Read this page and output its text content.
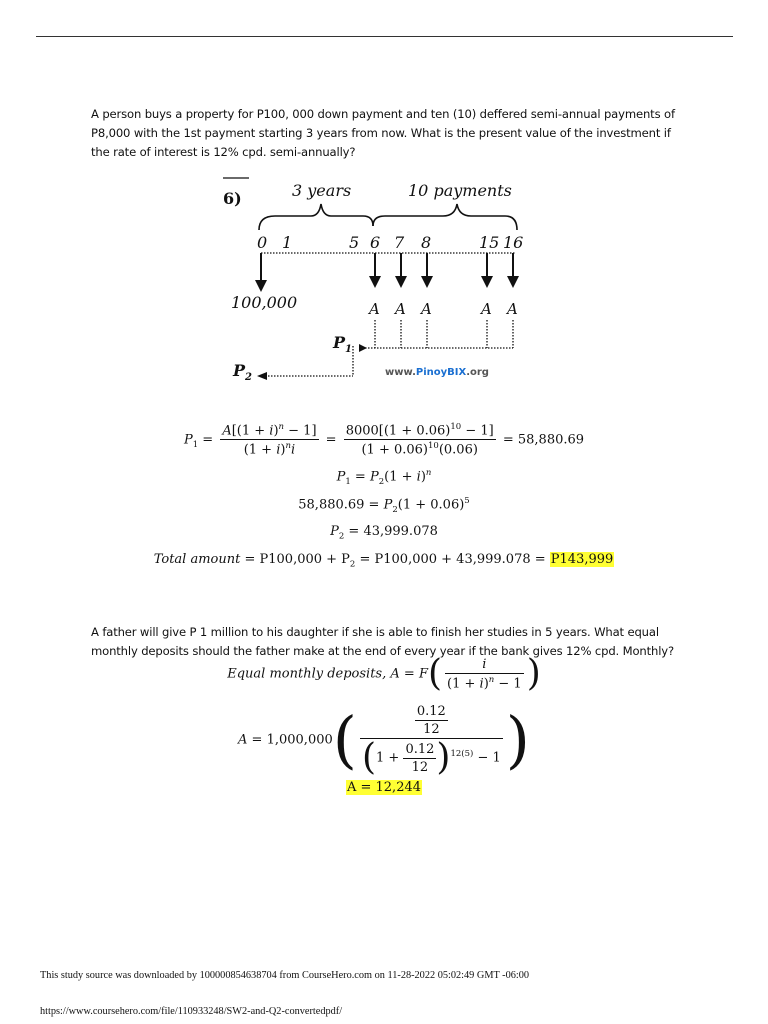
A person buys a property for P100, 000 down payment and ten (10) deffered semi-annual payments of P8,000 with the 1st payment starting 3 years from now. What is the present value of the investment if the rate of interest is 12% cpd. semi-annually?

6)	3 years	10 payments
0 1	5 6 7 8	15 16
100,000	A A A	A A
$P_1$
$P_2$	www.PinoyBIX.org
$P_1 = \frac{A[(1 + i)^n - 1]}{(1 + i)^ni} = \frac{8000[(1 + 0.06)^{10} - 1]}{(1 + 0.06)^{10}(0.06)} = 58,880.69$
$P_1 = P_2(1 + i)^n$
$58,880.69 = P_2(1 + 0.06)^5$
$P_2 = 43,999.078$
Total amount = $P100,000 + P_2 = P100,000 + 43,999.078 = P143,999$

A father will give P 1 million to his daughter if she is able to finish her studies in 5 years. What equal monthly deposits should the father make at the end of every year if the bank gives 12% cpd. Monthly?

Equal monthly deposits, $A = F( \frac{i}{(1 + i)^n - 1}$ )
$A = 1,000,000( \frac{\frac{0.12}{12}}{(1 + \frac{0.12}{12} )^{12(5)} - 1}$ )
A = 12,244
This study source was downloaded by 100000854638704 from CourseHero.com on 11-28-2022 05:02:49 GMT -06:00
https://www.coursehero.com/file/110933248/SW2-and-Q2-convertedpdf/
